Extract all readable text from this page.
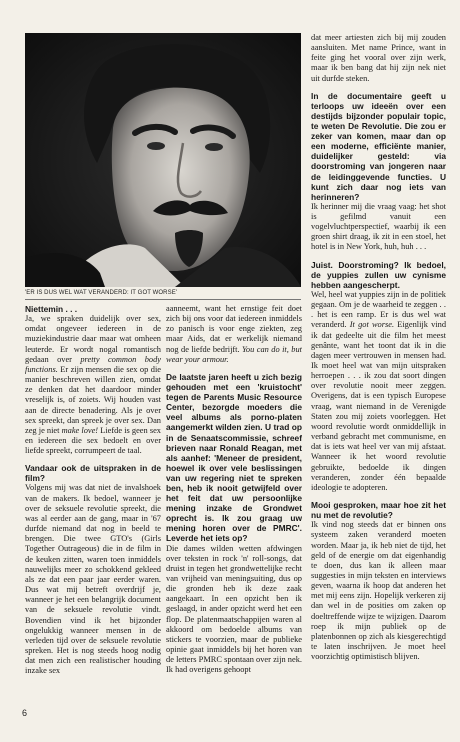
'ER IS DUS WEL WAT VERANDERD: IT GOT WORSE'

Niettemin . . .

Ja, we spraken duidelijk over sex, omdat ongeveer iedereen in de muziekindustrie daar maar wat omheen leuterde. Er wordt nogal romantisch gedaan over pretty common body functions. Er zijn mensen die sex op die manier beschreven willen zien, omdat ze denken dat het daardoor minder vreselijk is, of zoiets. Wij houden vast aan de directe benadering. Als je over sex spreekt, dan spreek je over sex. Dan zeg je niet make love! Liefde is geen sex en iedereen die sex bedoelt en over liefde spreekt, corrumpeert de taal.

Vandaar ook de uitspraken in de film?

Volgens mij was dat niet de invalshoek van de makers. Ik bedoel, wanneer je over de seksuele revolutie spreekt, die was al eerder aan de gang, maar in '67 durfde niemand dat nog in beeld te brengen. Die twee GTO's (Girls Together Outrageous) die in de film in de keuken zitten, waren toen inmiddels nauwelijks meer zo schokkend gekleed als ze dat een paar jaar eerder waren. Dus wat mij betreft overdrijf je, wanneer je het een belangrijk document van de seksuele revolutie vindt. Bovendien vind ik het bijzonder ongelukkig wanneer mensen in de verleden tijd over de seksuele revolutie spreken. Het is nog steeds hoog nodig dat men zich een realistischer houding inzake sex

aanneemt, want het ernstige feit doet zich bij ons voor dat iedereen inmiddels zo panisch is voor enge ziekten, zeg maar Aids, dat er werkelijk niemand nog de liefde bedrijft. You can do it, but wear your armour.

De laatste jaren heeft u zich bezig gehouden met een 'kruistocht' tegen de Parents Music Resource Center, bezorgde moeders die veel albums als porno-platen aangemerkt wilden zien. U trad op in de Senaatscommissie, schreef brieven naar Ronald Reagan, met als aanhef: 'Meneer de president, hoewel ik over vele beslissingen van uw regering niet te spreken ben, heb ik nooit getwijfeld over het feit dat uw persoonlijke mening inzake de Grondwet oprecht is. Ik zou graag uw mening horen over de PMRC'. Leverde het iets op?

Die dames wilden wetten afdwingen over teksten in rock 'n' roll-songs, dat druist in tegen het grondwettelijke recht van vrijheid van meningsuiting, dus op die gronden heb ik deze zaak aangekaart. In een opzicht ben ik geslaagd, in ander opzicht werd het een flop. De platenmaatschappijen waren al akkoord om bedoelde albums van stickers te voorzien, maar de publieke opinie gaat inmiddels bij het horen van de letters PMRC spontaan over zijn nek. Ik had overigens gehoopt

dat meer artiesten zich bij mij zouden aansluiten. Met name Prince, want in feite ging het vooral over zijn werk, maar ik ben bang dat hij zijn nek niet uit durfde steken.

In de documentaire geeft u terloops uw ideeën over een destijds bijzonder populair topic, te weten De Revolutie. Die zou er zeker van komen, maar dan op een moderne, efficiënte manier, duidelijker gesteld: via doorstroming van jongeren naar de leidinggevende functies. U kunt zich daar nog iets van herinneren?

Ik herinner mij die vraag vaag: het shot is gefilmd vanuit een vogelvluchtperspectief, waarbij ik een groen shirt draag, ik zit in een stoel, het hotel is in New York, huh, huh . . .

Juist. Doorstroming? Ik bedoel, de yuppies zullen uw cynisme hebben aangescherpt.

Wel, heel wat yuppies zijn in de politiek gegaan. Om je de waarheid te zeggen . . . het is een ramp. Er is dus wel wat veranderd. It got worse. Eigenlijk vind ik dat gedeelte uit die film het meest genânte, want het toont dat ik in die dagen meer vertrouwen in mensen had. Ik moet heel wat van mijn uitspraken herroepen . . . ik zou dat soort dingen over revolutie nooit meer zeggen. Overigens, dat is een typisch Europese vraag, want niemand in de Verenigde Staten zou mij zoiets voorleggen. Het woord revolutie wordt onmiddellijk in verband gebracht met communisme, en dat is iets wat heel ver van mij afstaat. Wanneer ik het woord revolutie gebruikte, bedoelde ik dingen veranderen, zonder één bepaalde ideologie te adopteren.

Mooi gesproken, maar hoe zit het nu met de revolutie?

Ik vind nog steeds dat er binnen ons systeem zaken veranderd moeten worden. Maar ja, ik heb niet de tijd, het geld of de energie om dat eigenhandig te doen, dus kan ik alleen maar suggesties in mijn teksten en interviews geven, waarna ik hoop dat anderen het met mij eens zijn. Hopelijk verkeren zij dan wel in de posities om zaken op doeltreffende wijze te wijzigen. Daarom roep ik mijn publiek op de platenbonnen op zich als kiesgerechtigd te laten inschrijven. Je moet heel voorzichtig optimistisch blijven.

6
